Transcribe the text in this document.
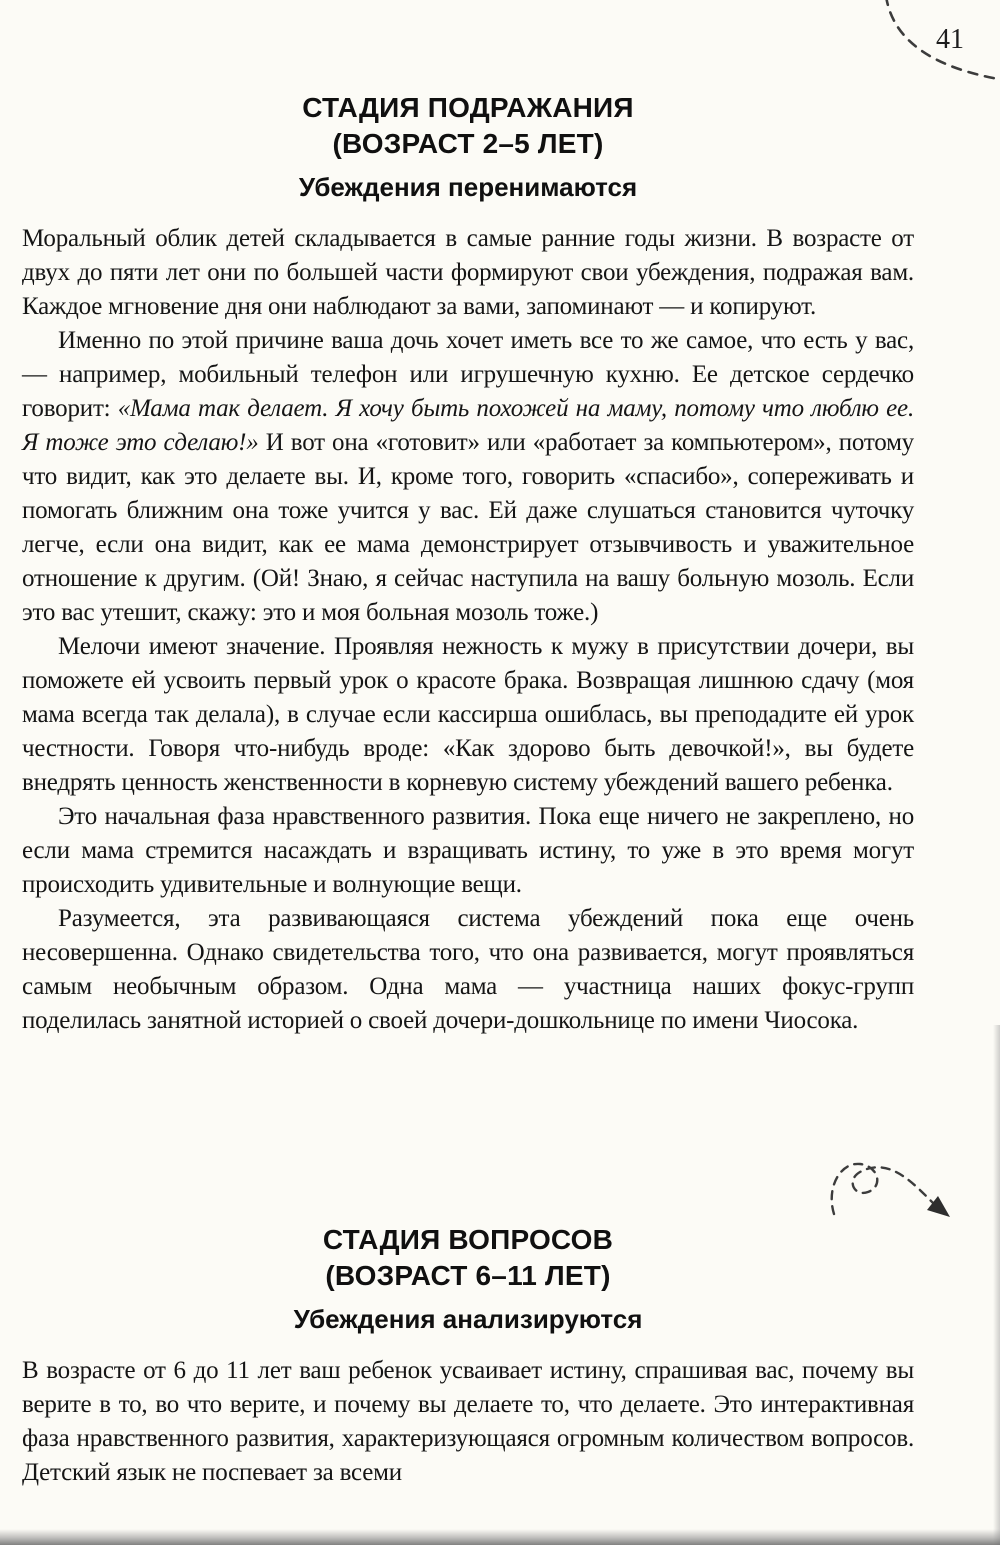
41
СТАДИЯ ПОДРАЖАНИЯ
(ВОЗРАСТ 2–5 ЛЕТ)
Убеждения перенимаются

Моральный облик детей складывается в самые ранние годы жизни. В возрасте от двух до пяти лет они по большей части формируют свои убеждения, подражая вам. Каждое мгновение дня они наблюдают за вами, запоминают — и копируют.

Именно по этой причине ваша дочь хочет иметь все то же самое, что есть у вас, — например, мобильный телефон или игрушечную кухню. Ее детское сердечко говорит: «Мама так делает. Я хочу быть похожей на маму, потому что люблю ее. Я тоже это сделаю!» И вот она «готовит» или «работает за компьютером», потому что видит, как это делаете вы. И, кроме того, говорить «спасибо», сопереживать и помогать ближним она тоже учится у вас. Ей даже слушаться становится чуточку легче, если она видит, как ее мама демонстрирует отзывчивость и уважительное отношение к другим. (Ой! Знаю, я сейчас наступила на вашу больную мозоль. Если это вас утешит, скажу: это и моя больная мозоль тоже.)

Мелочи имеют значение. Проявляя нежность к мужу в присутствии дочери, вы поможете ей усвоить первый урок о красоте брака. Возвращая лишнюю сдачу (моя мама всегда так делала), в случае если кассирша ошиблась, вы преподадите ей урок честности. Говоря что-нибудь вроде: «Как здорово быть девочкой!», вы будете внедрять ценность женственности в корневую систему убеждений вашего ребенка.

Это начальная фаза нравственного развития. Пока еще ничего не закреплено, но если мама стремится насаждать и взращивать истину, то уже в это время могут происходить удивительные и волнующие вещи.

Разумеется, эта развивающаяся система убеждений пока еще очень несовершенна. Однако свидетельства того, что она развивается, могут проявляться самым необычным образом. Одна мама — участница наших фокус-групп поделилась занятной историей о своей дочери-дошкольнице по имени Чиосока.

СТАДИЯ ВОПРОСОВ
(ВОЗРАСТ 6–11 ЛЕТ)
Убеждения анализируются

В возрасте от 6 до 11 лет ваш ребенок усваивает истину, спрашивая вас, почему вы верите в то, во что верите, и почему вы делаете то, что делаете. Это интерактивная фаза нравственного развития, характеризующаяся огромным количеством вопросов. Детский язык не поспевает за всеми
